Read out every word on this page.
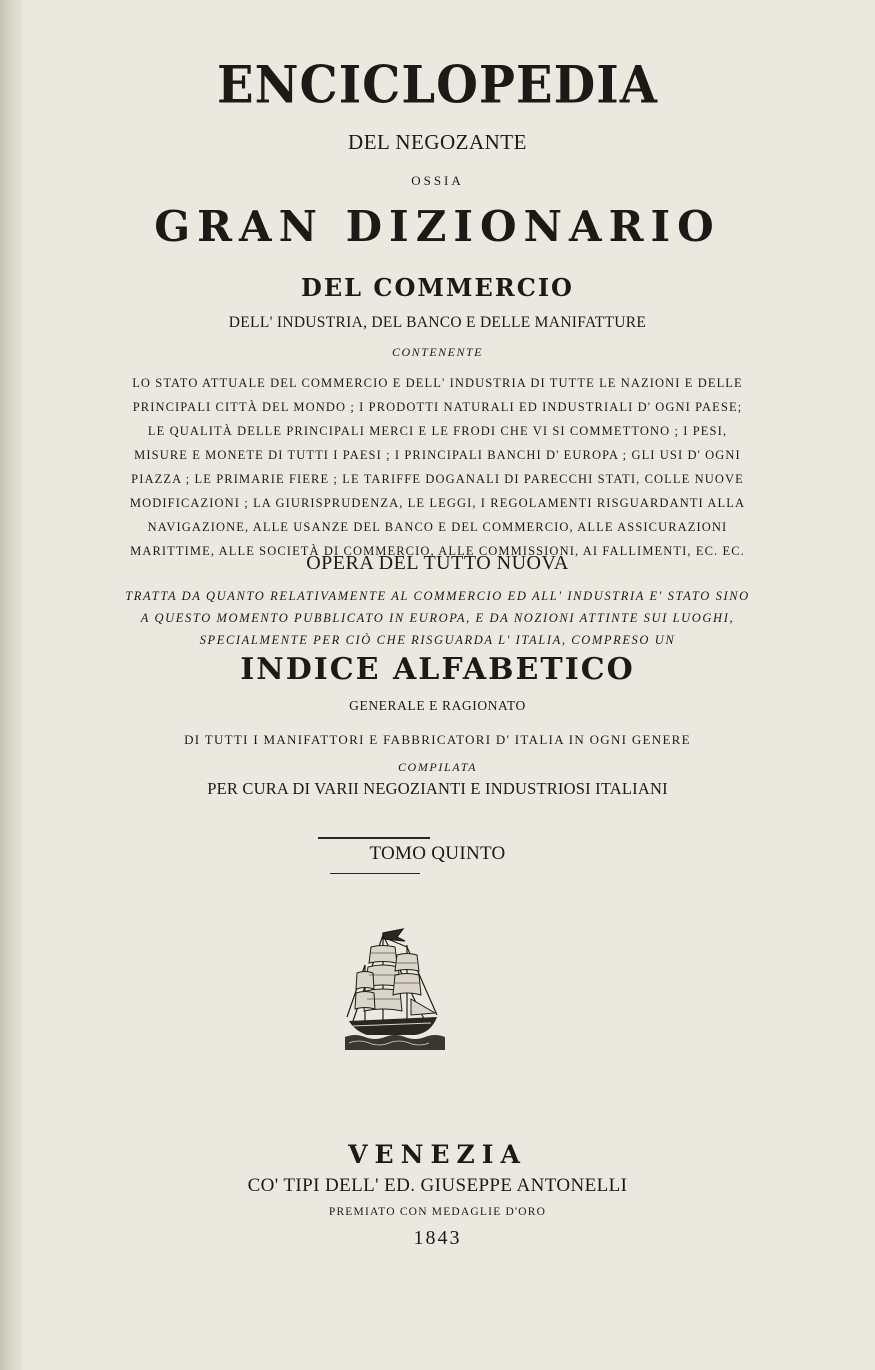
ENCICLOPEDIA
DEL NEGOZANTE
OSSIA
GRAN DIZIONARIO
DEL COMMERCIO
DELL' INDUSTRIA, DEL BANCO E DELLE MANIFATTURE
CONTENENTE
LO STATO ATTUALE DEL COMMERCIO E DELL' INDUSTRIA DI TUTTE LE NAZIONI E DELLE
PRINCIPALI CITTÀ DEL MONDO ; I PRODOTTI NATURALI ED INDUSTRIALI D' OGNI PAESE;
LE QUALITÀ DELLE PRINCIPALI MERCI E LE FRODI CHE VI SI COMMETTONO ; I PESI,
MISURE E MONETE DI TUTTI I PAESI ; I PRINCIPALI BANCHI D' EUROPA ; GLI USI D' OGNI
PIAZZA ; LE PRIMARIE FIERE ; LE TARIFFE DOGANALI DI PARECCHI STATI, COLLE NUOVE
MODIFICAZIONI ; LA GIURISPRUDENZA, LE LEGGI, I REGOLAMENTI RISGUARDANTI ALLA
NAVIGAZIONE, ALLE USANZE DEL BANCO E DEL COMMERCIO, ALLE ASSICURAZIONI
MARITTIME, ALLE SOCIETÀ DI COMMERCIO, ALLE COMMISSIONI, AI FALLIMENTI, EC. EC.
OPERA DEL TUTTO NUOVA
TRATTA DA QUANTO RELATIVAMENTE AL COMMERCIO ED ALL' INDUSTRIA E' STATO SINO
A QUESTO MOMENTO PUBBLICATO IN EUROPA, E DA NOZIONI ATTINTE SUI LUOGHI,
SPECIALMENTE PER CIÒ CHE RISGUARDA L' ITALIA, COMPRESO UN
INDICE ALFABETICO
GENERALE E RAGIONATO
DI TUTTI I MANIFATTORI E FABBRICATORI D' ITALIA IN OGNI GENERE
COMPILATA
PER CURA DI VARII NEGOZIANTI E INDUSTRIOSI ITALIANI
TOMO QUINTO
VENEZIA
CO' TIPI DELL' ED. GIUSEPPE ANTONELLI
PREMIATO CON MEDAGLIE D'ORO
1843
